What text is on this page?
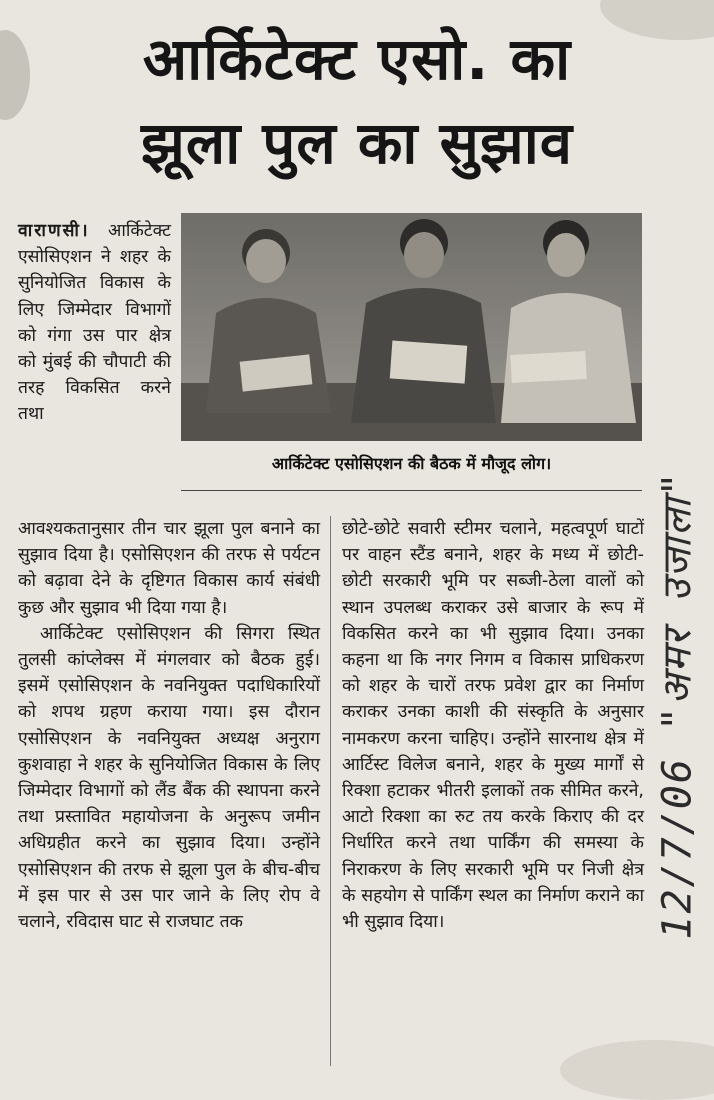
आर्किटेक्ट एसो. का
झूला पुल का सुझाव

वाराणसी। आर्किटेक्ट एसोसिएशन ने शहर के सुनियोजित विकास के लिए जिम्मेदार विभागों को गंगा उस पार क्षेत्र को मुंबई की चौपाटी की तरह विकसित करने तथा

आर्किटेक्ट एसोसिएशन की बैठक में मौजूद लोग।

आवश्यकतानुसार तीन चार झूला पुल बनाने का सुझाव दिया है। एसोसिएशन की तरफ से पर्यटन को बढ़ावा देने के दृष्टिगत विकास कार्य संबंधी कुछ और सुझाव भी दिया गया है।

आर्किटेक्ट एसोसिएशन की सिगरा स्थित तुलसी कांप्लेक्स में मंगलवार को बैठक हुई। इसमें एसोसिएशन के नवनियुक्त पदाधिकारियों को शपथ ग्रहण कराया गया। इस दौरान एसोसिएशन के नवनियुक्त अध्यक्ष अनुराग कुशवाहा ने शहर के सुनियोजित विकास के लिए जिम्मेदार विभागों को लैंड बैंक की स्थापना करने तथा प्रस्तावित महायोजना के अनुरूप जमीन अधिग्रहीत करने का सुझाव दिया। उन्होंने एसोसिएशन की तरफ से झूला पुल के बीच-बीच में इस पार से उस पार जाने के लिए रोप वे चलाने, रविदास घाट से राजघाट तक

छोटे-छोटे सवारी स्टीमर चलाने, महत्वपूर्ण घाटों पर वाहन स्टैंड बनाने, शहर के मध्य में छोटी-छोटी सरकारी भूमि पर सब्जी-ठेला वालों को स्थान उपलब्ध कराकर उसे बाजार के रूप में विकसित करने का भी सुझाव दिया। उनका कहना था कि नगर निगम व विकास प्राधिकरण को शहर के चारों तरफ प्रवेश द्वार का निर्माण कराकर उनका काशी की संस्कृति के अनुसार नामकरण करना चाहिए। उन्होंने सारनाथ क्षेत्र में आर्टिस्ट विलेज बनाने, शहर के मुख्य मार्गों से रिक्शा हटाकर भीतरी इलाकों तक सीमित करने, आटो रिक्शा का रुट तय करके किराए की दर निर्धारित करने तथा पार्किंग की समस्या के निराकरण के लिए सरकारी भूमि पर निजी क्षेत्र के सहयोग से पार्किंग स्थल का निर्माण कराने का भी सुझाव दिया।	12/7/06 "अमर उजाला"
